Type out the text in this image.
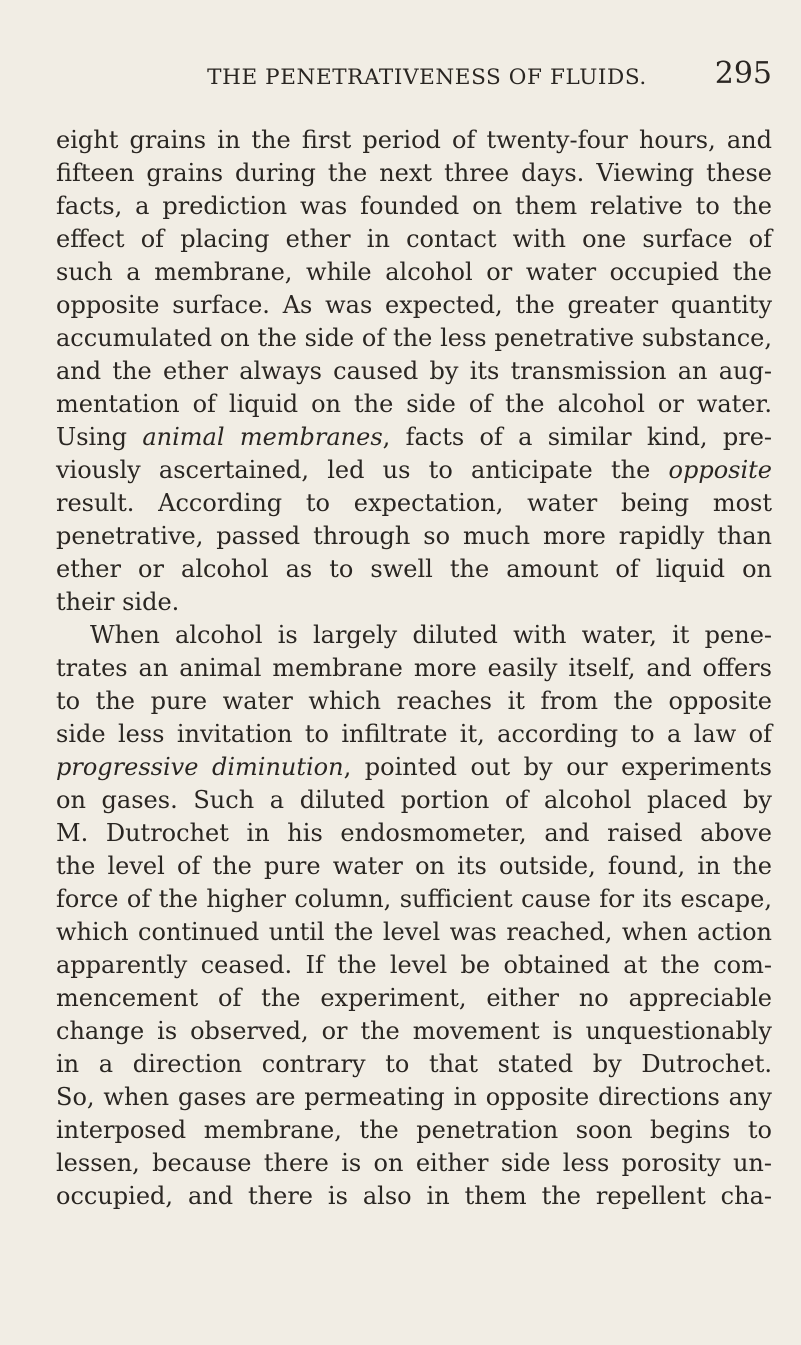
THE PENETRATIVENESS OF FLUIDS.	295
eight grains in the first period of twenty-four hours, and
fifteen grains during the next three days. Viewing these
facts, a prediction was founded on them relative to the
effect of placing ether in contact with one surface of
such a membrane, while alcohol or water occupied the
opposite surface. As was expected, the greater quantity
accumulated on the side of the less penetrative substance,
and the ether always caused by its transmission an aug-
mentation of liquid on the side of the alcohol or water.
Using animal membranes, facts of a similar kind, pre-
viously ascertained, led us to anticipate the opposite
result. According to expectation, water being most
penetrative, passed through so much more rapidly than
ether or alcohol as to swell the amount of liquid on
their side.
When alcohol is largely diluted with water, it pene-
trates an animal membrane more easily itself, and offers
to the pure water which reaches it from the opposite
side less invitation to infiltrate it, according to a law of
progressive diminution, pointed out by our experiments
on gases. Such a diluted portion of alcohol placed by
M. Dutrochet in his endosmometer, and raised above
the level of the pure water on its outside, found, in the
force of the higher column, sufficient cause for its escape,
which continued until the level was reached, when action
apparently ceased. If the level be obtained at the com-
mencement of the experiment, either no appreciable
change is observed, or the movement is unquestionably
in a direction contrary to that stated by Dutrochet.
So, when gases are permeating in opposite directions any
interposed membrane, the penetration soon begins to
lessen, because there is on either side less porosity un-
occupied, and there is also in them the repellent cha-
